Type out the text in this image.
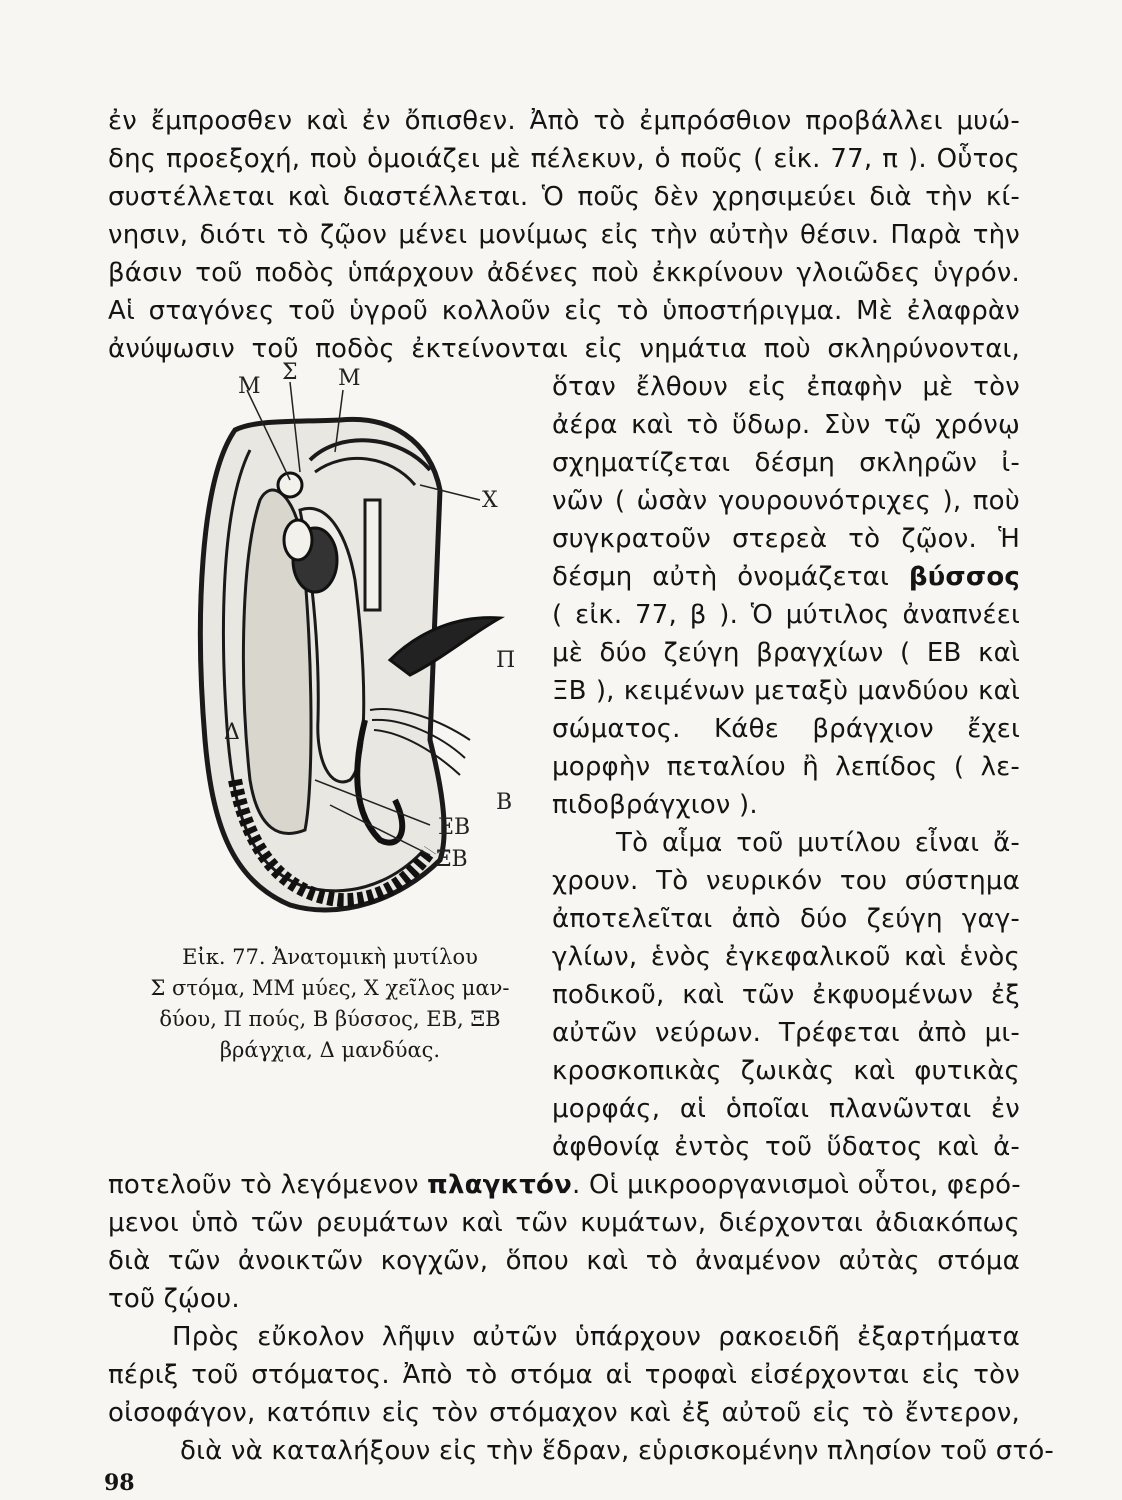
ἐν ἔμπροσθεν καὶ ἐν ὄπισθεν. Ἀπὸ τὸ ἐμπρόσθιον προβάλλει μυώ-
δης προεξοχή, ποὺ ὁμοιάζει μὲ πέλεκυν, ὁ ποῦς ( εἰκ. 77, π ). Οὗτος
συστέλλεται καὶ διαστέλλεται. Ὁ ποῦς δὲν χρησιμεύει διὰ τὴν κί-
νησιν, διότι τὸ ζῷον μένει μονίμως εἰς τὴν αὐτὴν θέσιν. Παρὰ τὴν
βάσιν τοῦ ποδὸς ὑπάρχουν ἀδένες ποὺ ἐκκρίνουν γλοιῶδες ὑγρόν.
Αἱ σταγόνες τοῦ ὑγροῦ κολλοῦν εἰς τὸ ὑποστήριγμα. Μὲ ἐλαφρὰν
ἀνύψωσιν τοῦ ποδὸς ἐκτείνονται εἰς νημάτια ποὺ σκληρύνονται,
ὅταν ἔλθουν εἰς ἐπαφὴν μὲ τὸν
ἀέρα καὶ τὸ ὕδωρ. Σὺν τῷ χρόνῳ
σχηματίζεται δέσμη σκληρῶν ἰ-
νῶν ( ὡσὰν γουρουνότριχες ), ποὺ
συγκρατοῦν στερεὰ τὸ ζῷον. Ἡ
δέσμη αὐτὴ ὀνομάζεται βύσσος
( εἰκ. 77, β ). Ὁ μύτιλος ἀναπνέει
μὲ δύο ζεύγη βραγχίων ( ΕΒ καὶ
ΞΒ ), κειμένων μεταξὺ μανδύου καὶ
σώματος. Κάθε βράγχιον ἔχει
μορφὴν πεταλίου ἢ λεπίδος ( λε-
πιδοβράγχιον ).
Τὸ αἷμα τοῦ μυτίλου εἶναι ἄ-
χρουν. Τὸ νευρικόν του σύστημα
ἀποτελεῖται ἀπὸ δύο ζεύγη γαγ-
γλίων, ἑνὸς ἐγκεφαλικοῦ καὶ ἑνὸς
ποδικοῦ, καὶ τῶν ἐκφυομένων ἐξ
αὐτῶν νεύρων. Τρέφεται ἀπὸ μι-
κροσκοπικὰς ζωικὰς καὶ φυτικὰς
μορφάς, αἱ ὁποῖαι πλανῶνται ἐν
ἀφθονίᾳ ἐντὸς τοῦ ὕδατος καὶ ἀ-
ποτελοῦν τὸ λεγόμενον πλαγκτόν. Οἱ μικροοργανισμοὶ οὗτοι, φερό-
μενοι ὑπὸ τῶν ρευμάτων καὶ τῶν κυμάτων, διέρχονται ἀδιακόπως
διὰ τῶν ἀνοικτῶν κογχῶν, ὅπου καὶ τὸ ἀναμένον αὐτὰς στόμα
τοῦ ζῴου.
Πρὸς εὔκολον λῆψιν αὐτῶν ὑπάρχουν ρακοειδῆ ἐξαρτήματα
πέριξ τοῦ στόματος. Ἀπὸ τὸ στόμα αἱ τροφαὶ εἰσέρχονται εἰς τὸν
οἰσοφάγον, κατόπιν εἰς τὸν στόμαχον καὶ ἐξ αὐτοῦ εἰς τὸ ἔντερον,
διὰ νὰ καταλήξουν εἰς τὴν ἕδραν, εὑρισκομένην πλησίον τοῦ στό-
Μ
Σ Μ
Χ
Π
Δ
Β
ΕΒ
ΞΒ
Εἰκ. 77. Ἀνατομικὴ μυτίλου
Σ στόμα, ΜΜ μύες, Χ χεῖλος μαν-
δύου, Π πούς, Β βύσσος, ΕΒ, ΞΒ
βράγχια, Δ μανδύας.
98
